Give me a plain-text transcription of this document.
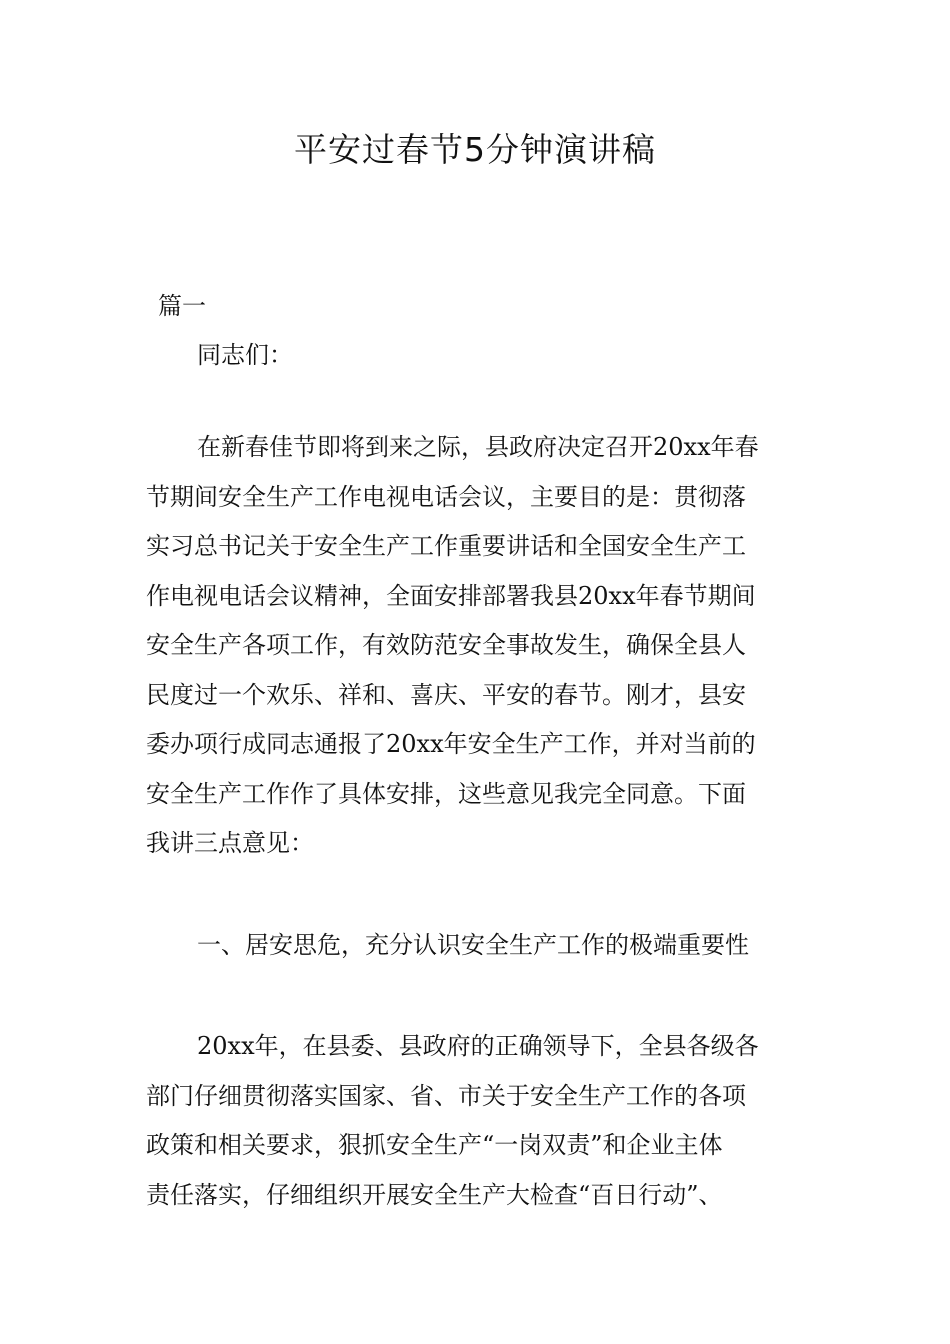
平安过春节5分钟演讲稿
篇一
同志们：
在新春佳节即将到来之际，县政府决定召开20xx年春
节期间安全生产工作电视电话会议，主要目的是：贯彻落
实习总书记关于安全生产工作重要讲话和全国安全生产工
作电视电话会议精神，全面安排部署我县20xx年春节期间
安全生产各项工作，有效防范安全事故发生，确保全县人
民度过一个欢乐、祥和、喜庆、平安的春节。刚才，县安
委办项行成同志通报了20xx年安全生产工作，并对当前的
安全生产工作作了具体安排，这些意见我完全同意。下面
我讲三点意见：
一、居安思危，充分认识安全生产工作的极端重要性
20xx年，在县委、县政府的正确领导下，全县各级各
部门仔细贯彻落实国家、省、市关于安全生产工作的各项
政策和相关要求，狠抓安全生产“一岗双责”和企业主体
责任落实，仔细组织开展安全生产大检查“百日行动”、
